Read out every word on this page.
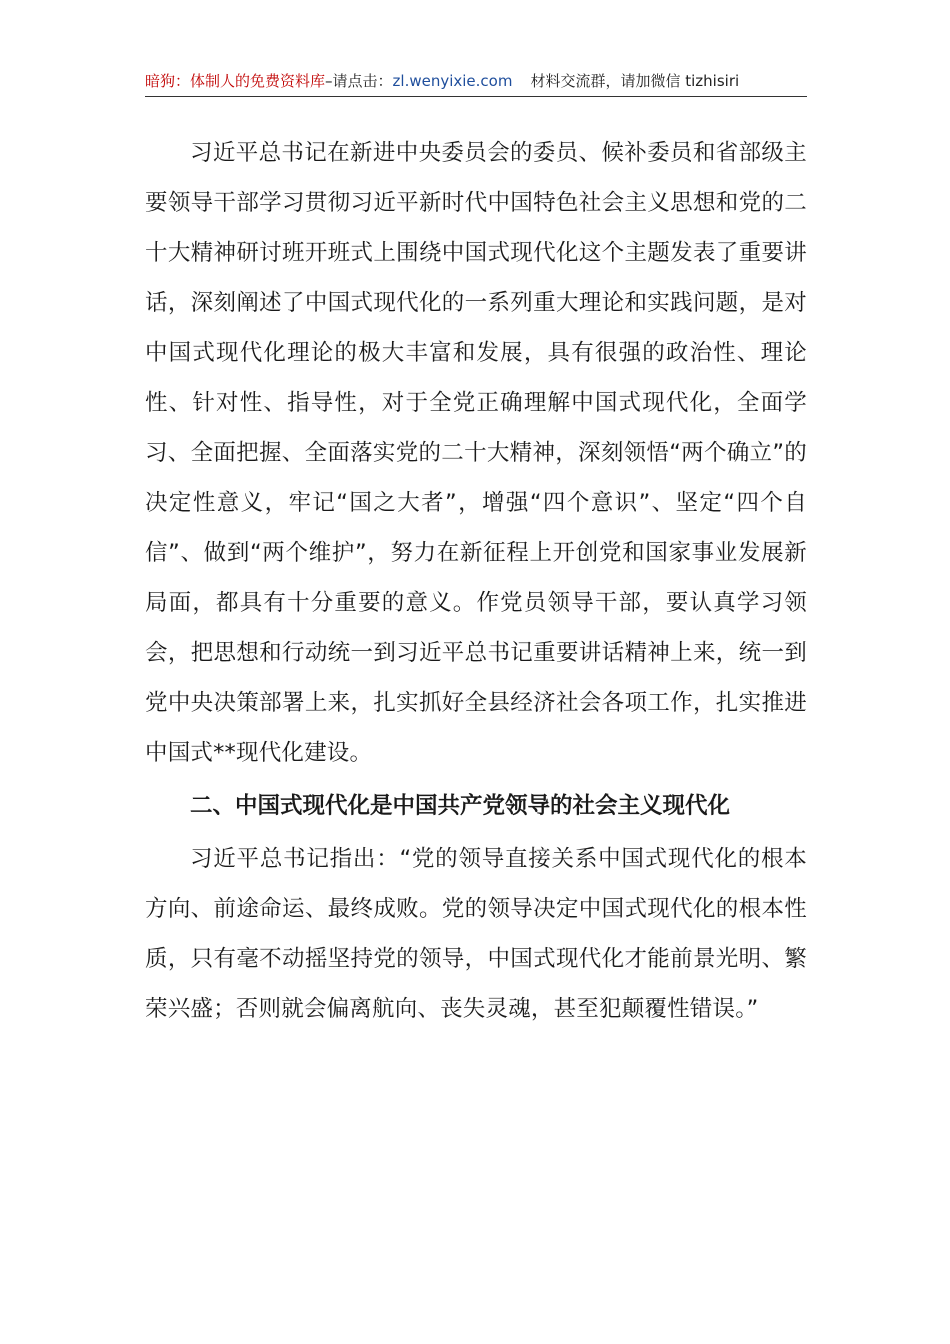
暗狗：体制人的免费资料库–请点击：zl.wenyixie.com 材料交流群，请加微信 tizhisiri

习近平总书记在新进中央委员会的委员、候补委员和省部级主要领导干部学习贯彻习近平新时代中国特色社会主义思想和党的二十大精神研讨班开班式上围绕中国式现代化这个主题发表了重要讲话，深刻阐述了中国式现代化的一系列重大理论和实践问题，是对中国式现代化理论的极大丰富和发展，具有很强的政治性、理论性、针对性、指导性，对于全党正确理解中国式现代化，全面学习、全面把握、全面落实党的二十大精神，深刻领悟“两个确立”的决定性意义，牢记“国之大者”，增强“四个意识”、坚定“四个自信”、做到“两个维护”，努力在新征程上开创党和国家事业发展新局面，都具有十分重要的意义。作党员领导干部，要认真学习领会，把思想和行动统一到习近平总书记重要讲话精神上来，统一到党中央决策部署上来，扎实抓好全县经济社会各项工作，扎实推进中国式**现代化建设。

二、中国式现代化是中国共产党领导的社会主义现代化

习近平总书记指出：“党的领导直接关系中国式现代化的根本方向、前途命运、最终成败。党的领导决定中国式现代化的根本性质，只有毫不动摇坚持党的领导，中国式现代化才能前景光明、繁荣兴盛；否则就会偏离航向、丧失灵魂，甚至犯颠覆性错误。”
